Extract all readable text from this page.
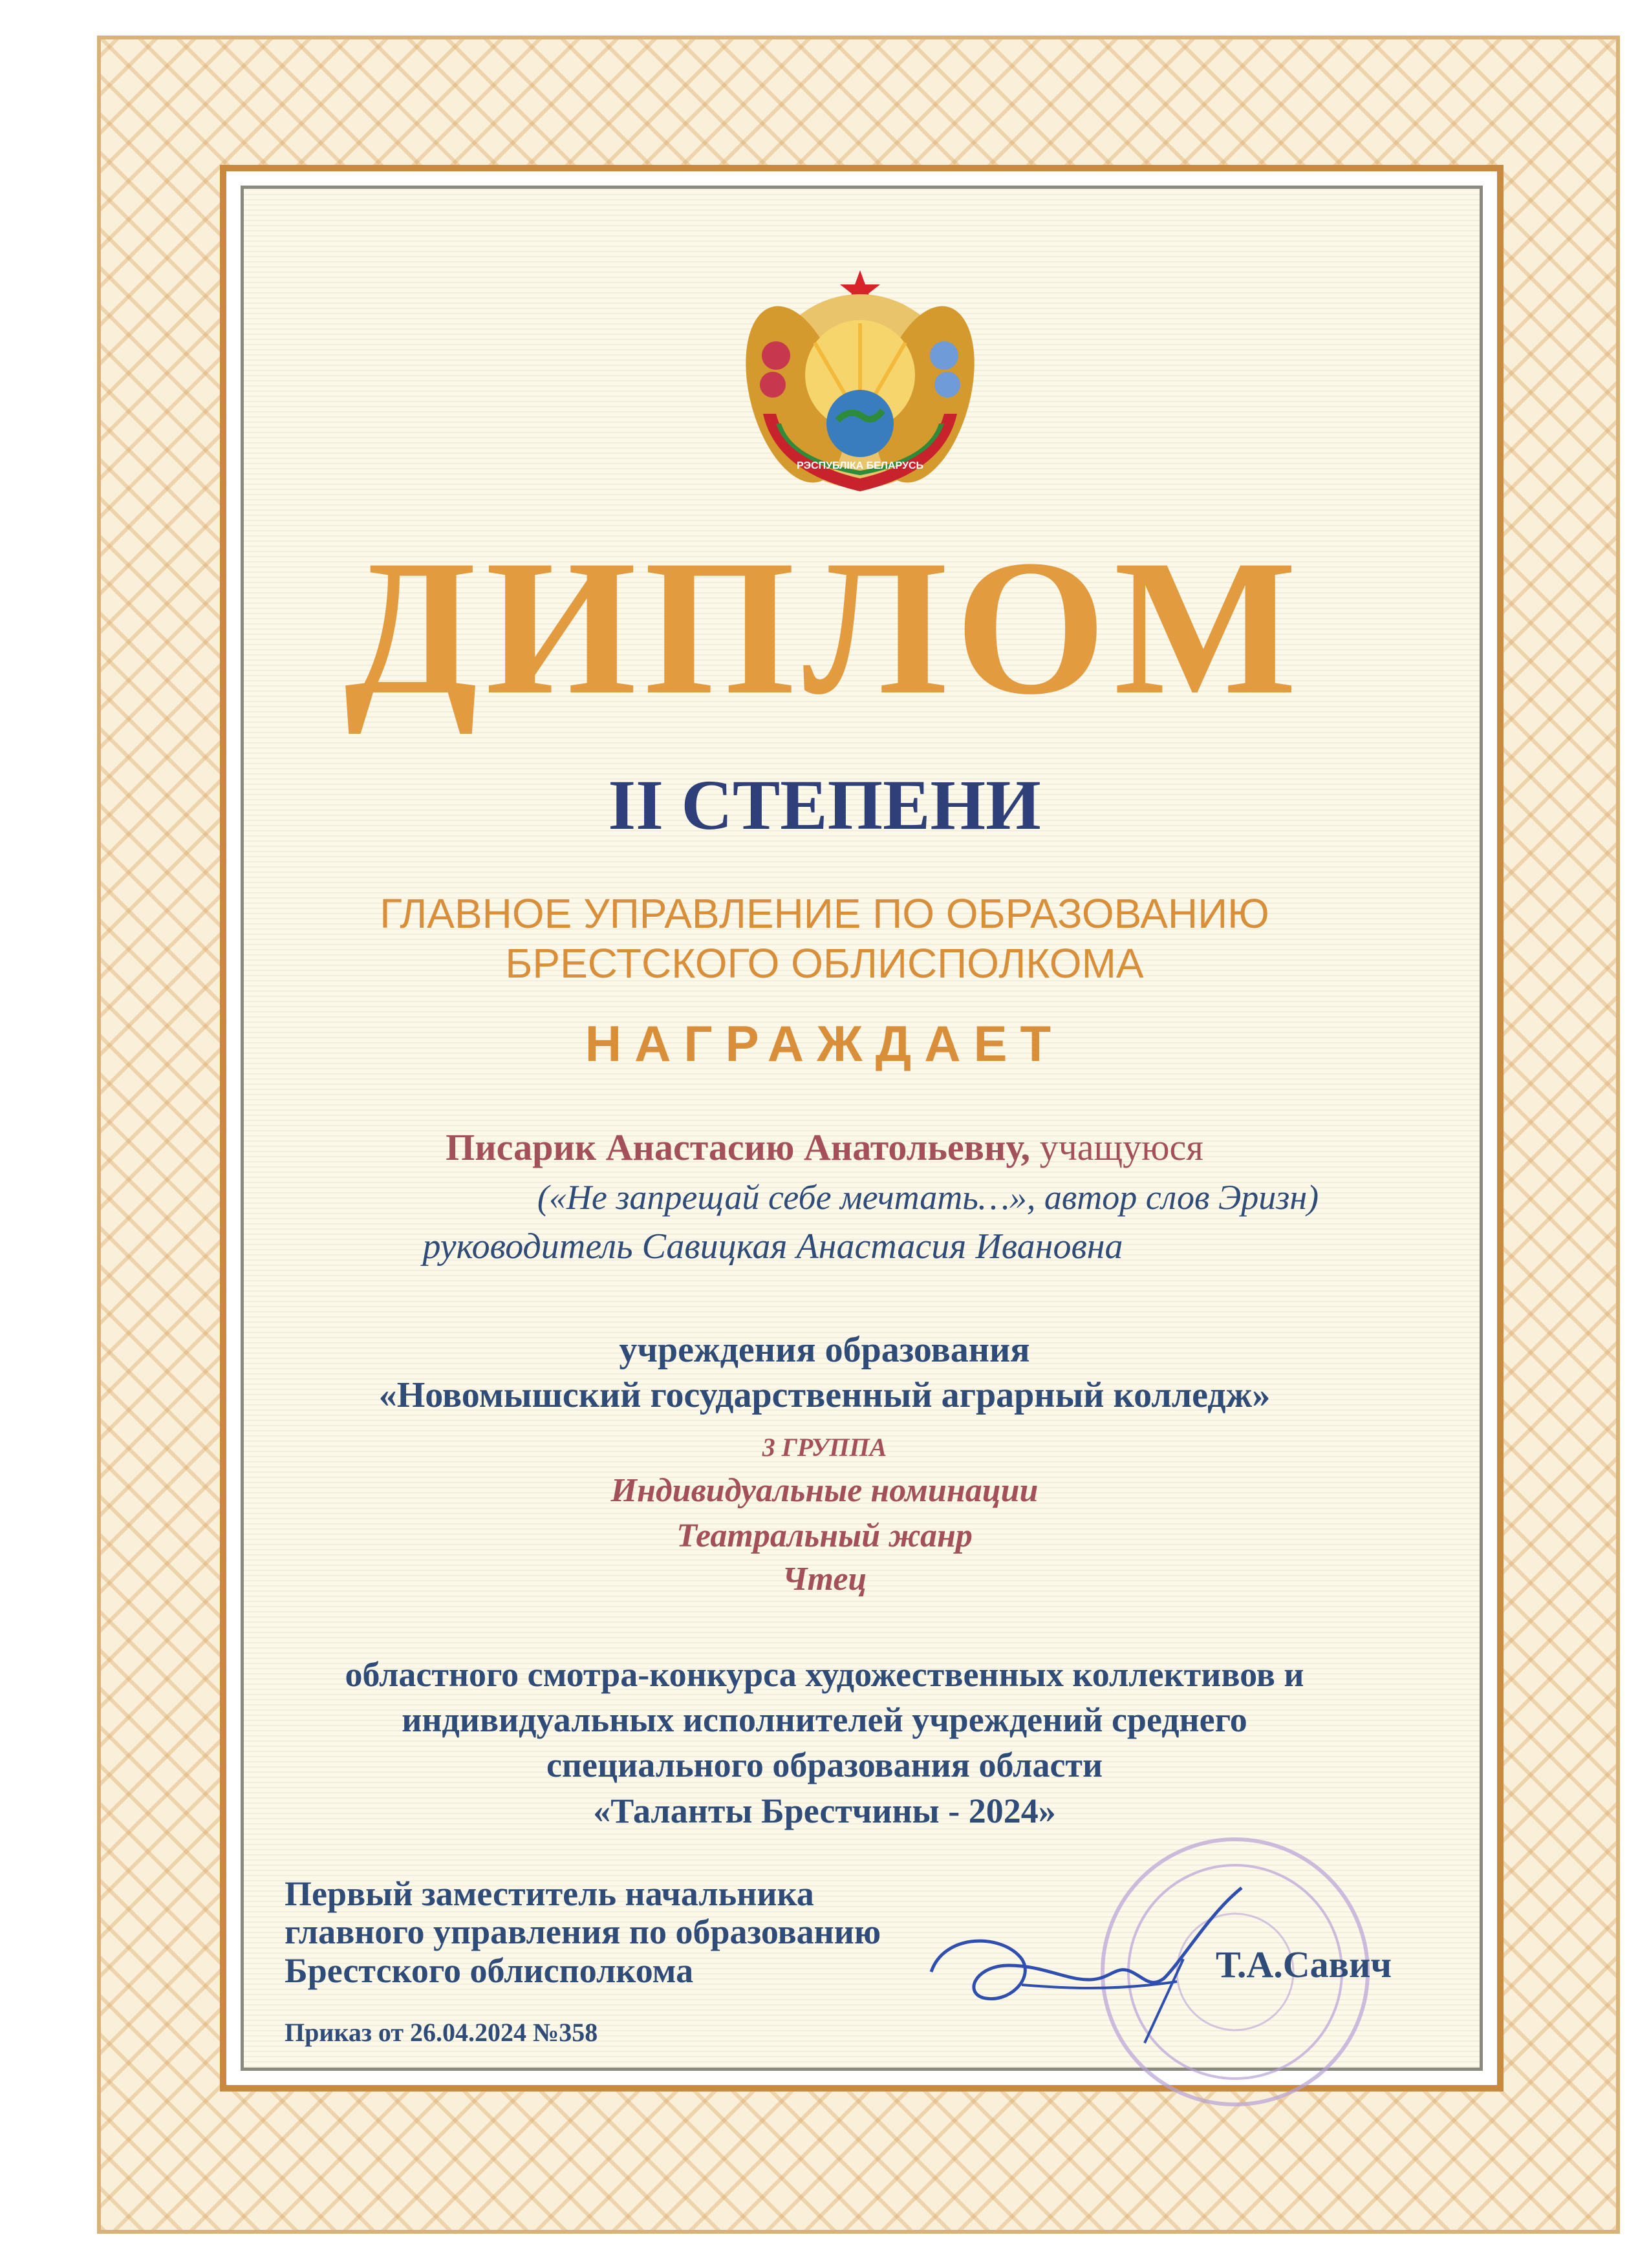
РЭСПУБЛІКА БЕЛАРУСЬ
ДИПЛОМ
II СТЕПЕНИ
ГЛАВНОЕ УПРАВЛЕНИЕ ПО ОБРАЗОВАНИЮ
БРЕСТСКОГО ОБЛИСПОЛКОМА
НАГРАЖДАЕТ
Писарик Анастасию Анатольевну, учащуюся
(«Не запрещай себе мечтать…», автор слов Эризн)
руководитель Савицкая Анастасия Ивановна
учреждения образования
«Новомышский государственный аграрный колледж»
3 ГРУППА
Индивидуальные номинации
Театральный жанр
Чтец
областного смотра-конкурса художественных коллективов и
индивидуальных исполнителей учреждений среднего
специального образования области
«Таланты Брестчины - 2024»
Первый заместитель начальника
главного управления по образованию
Брестского облисполкома	Т.А.Савич
Приказ от 26.04.2024 №358
